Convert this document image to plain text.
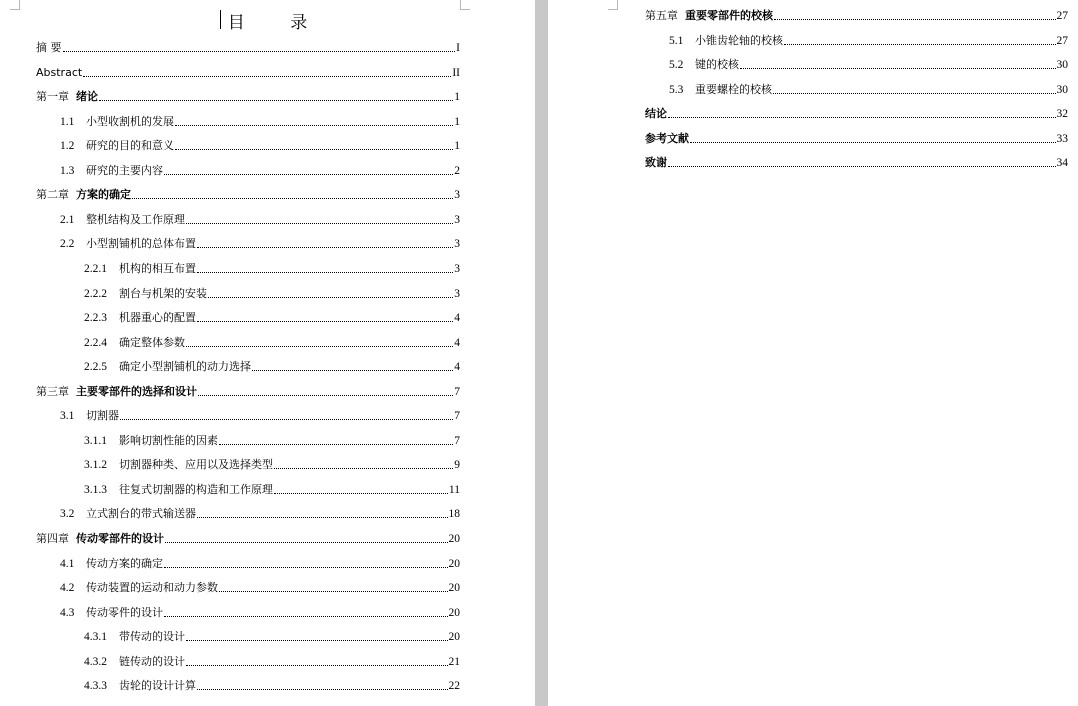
目 录
摘 要	I
Abstract	II
第一章 绪论	1
1.1	小型收割机的发展	1
1.2	研究的目的和意义	1
1.3	研究的主要内容	2
第二章 方案的确定	3
2.1	整机结构及工作原理	3
2.2	小型割铺机的总体布置	3
2.2.1	机构的相互布置	3
2.2.2	割台与机架的安装	3
2.2.3	机器重心的配置	4
2.2.4	确定整体参数	4
2.2.5	确定小型割铺机的动力选择	4
第三章 主要零部件的选择和设计	7
3.1	切割器	7
3.1.1	影响切割性能的因素	7
3.1.2	切割器种类、应用以及选择类型	9
3.1.3	往复式切割器的构造和工作原理	11
3.2	立式割台的带式输送器	18
第四章 传动零部件的设计	20
4.1	传动方案的确定	20
4.2	传动装置的运动和动力参数	20
4.3	传动零件的设计	20
4.3.1	带传动的设计	20
4.3.2	链传动的设计	21
4.3.3	齿轮的设计计算	22
第五章 重要零部件的校核	27
5.1	小锥齿轮轴的校核	27
5.2	键的校核	30
5.3	重要螺栓的校核	30
结论	32
参考文献	33
致谢	34
